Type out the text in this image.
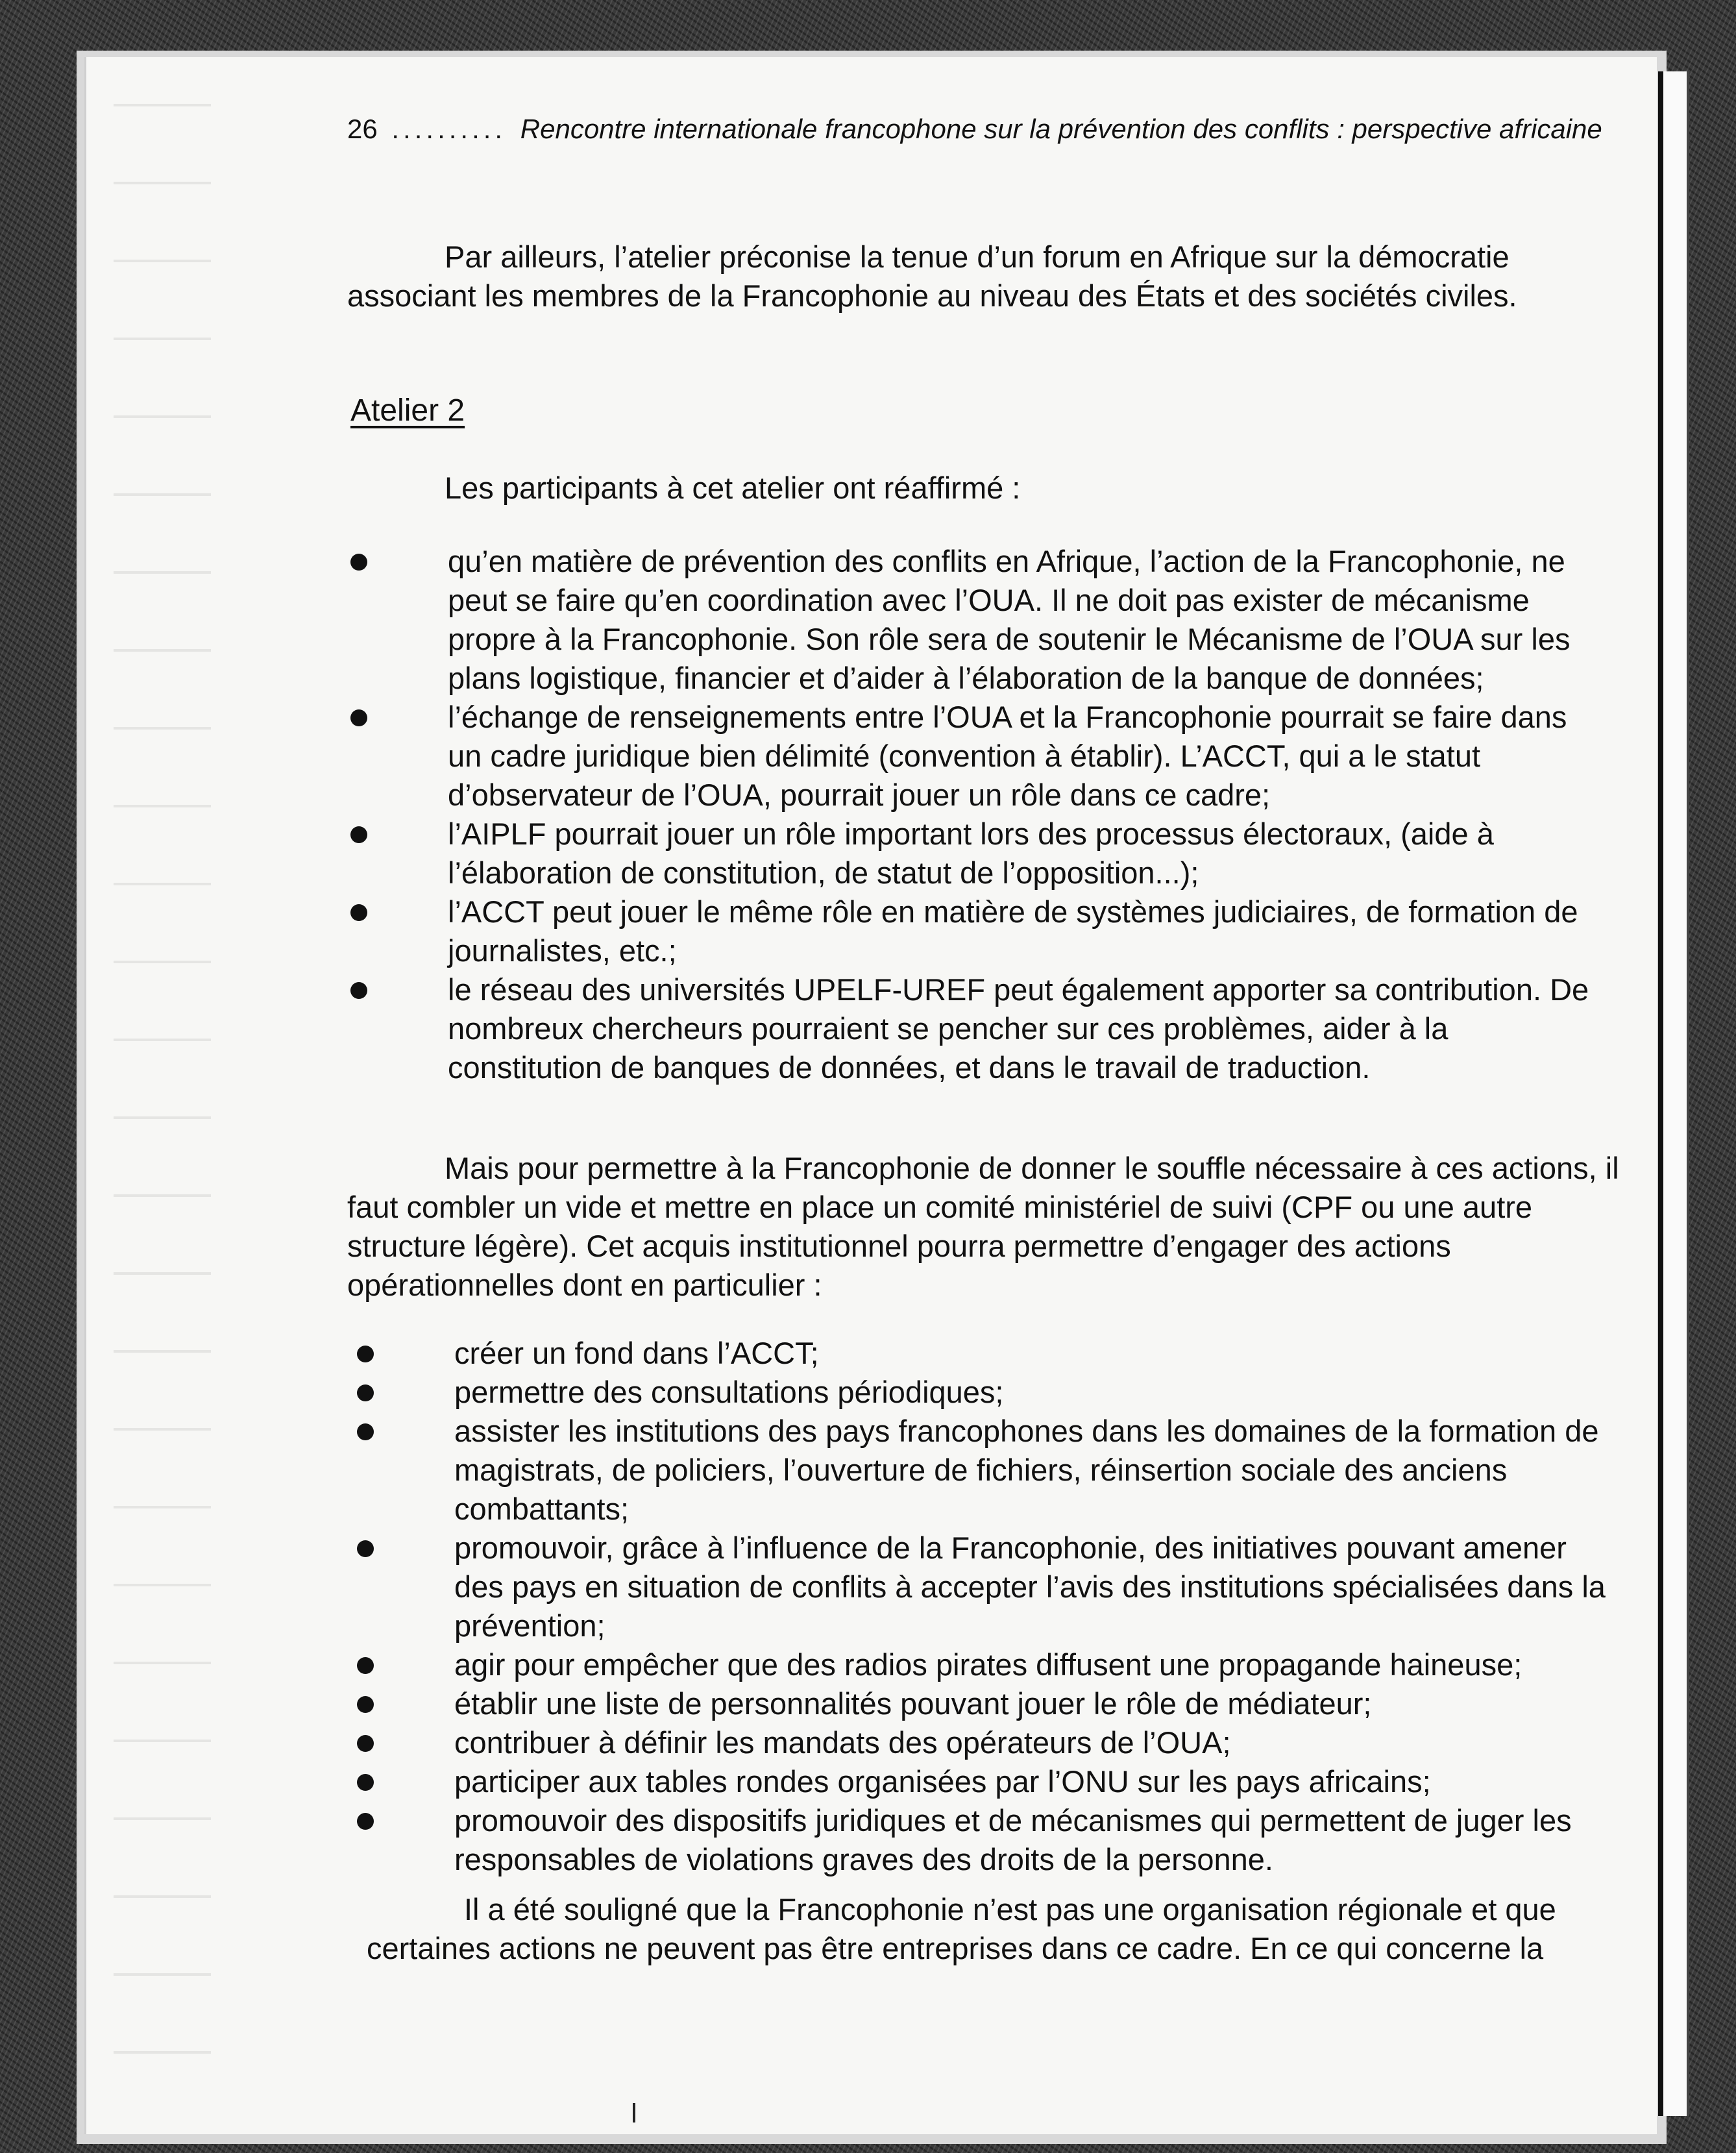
26 .......... Rencontre internationale francophone sur la prévention des conflits : perspective africaine

Par ailleurs, l’atelier préconise la tenue d’un forum en Afrique sur la démocratie associant les membres de la Francophonie au niveau des États et des sociétés civiles.

Atelier 2

Les participants à cet atelier ont réaffirmé :

qu’en matière de prévention des conflits en Afrique, l’action de la Francophonie, ne peut se faire qu’en coordination avec l’OUA. Il ne doit pas exister de mécanisme propre à la Francophonie. Son rôle sera de soutenir le Mécanisme de l’OUA sur les plans logistique, financier et d’aider à l’élaboration de la banque de données;
l’échange de renseignements entre l’OUA et la Francophonie pourrait se faire dans un cadre juridique bien délimité (convention à établir). L’ACCT, qui a le statut d’observateur de l’OUA, pourrait jouer un rôle dans ce cadre;
l’AIPLF pourrait jouer un rôle important lors des processus électoraux, (aide à l’élaboration de constitution, de statut de l’opposition...);
l’ACCT peut jouer le même rôle en matière de systèmes judiciaires, de formation de journalistes, etc.;
le réseau des universités UPELF-UREF peut également apporter sa contribution. De nombreux chercheurs pourraient se pencher sur ces problèmes, aider à la constitution de banques de données, et dans le travail de traduction.

Mais pour permettre à la Francophonie de donner le souffle nécessaire à ces actions, il faut combler un vide et mettre en place un comité ministériel de suivi (CPF ou une autre structure légère). Cet acquis institutionnel pourra permettre d’engager des actions opérationnelles dont en particulier :

créer un fond dans l’ACCT;
permettre des consultations périodiques;
assister les institutions des pays francophones dans les domaines de la formation de magistrats, de policiers, l’ouverture de fichiers, réinsertion sociale des anciens combattants;
promouvoir, grâce à l’influence de la Francophonie, des initiatives pouvant amener des pays en situation de conflits à accepter l’avis des institutions spécialisées dans la prévention;
agir pour empêcher que des radios pirates diffusent une propagande haineuse;
établir une liste de personnalités pouvant jouer le rôle de médiateur;
contribuer à définir les mandats des opérateurs de l’OUA;
participer aux tables rondes organisées par l’ONU sur les pays africains;
promouvoir des dispositifs juridiques et de mécanismes qui permettent de juger les responsables de violations graves des droits de la personne.

Il a été souligné que la Francophonie n’est pas une organisation régionale et que certaines actions ne peuvent pas être entreprises dans ce cadre. En ce qui concerne la
